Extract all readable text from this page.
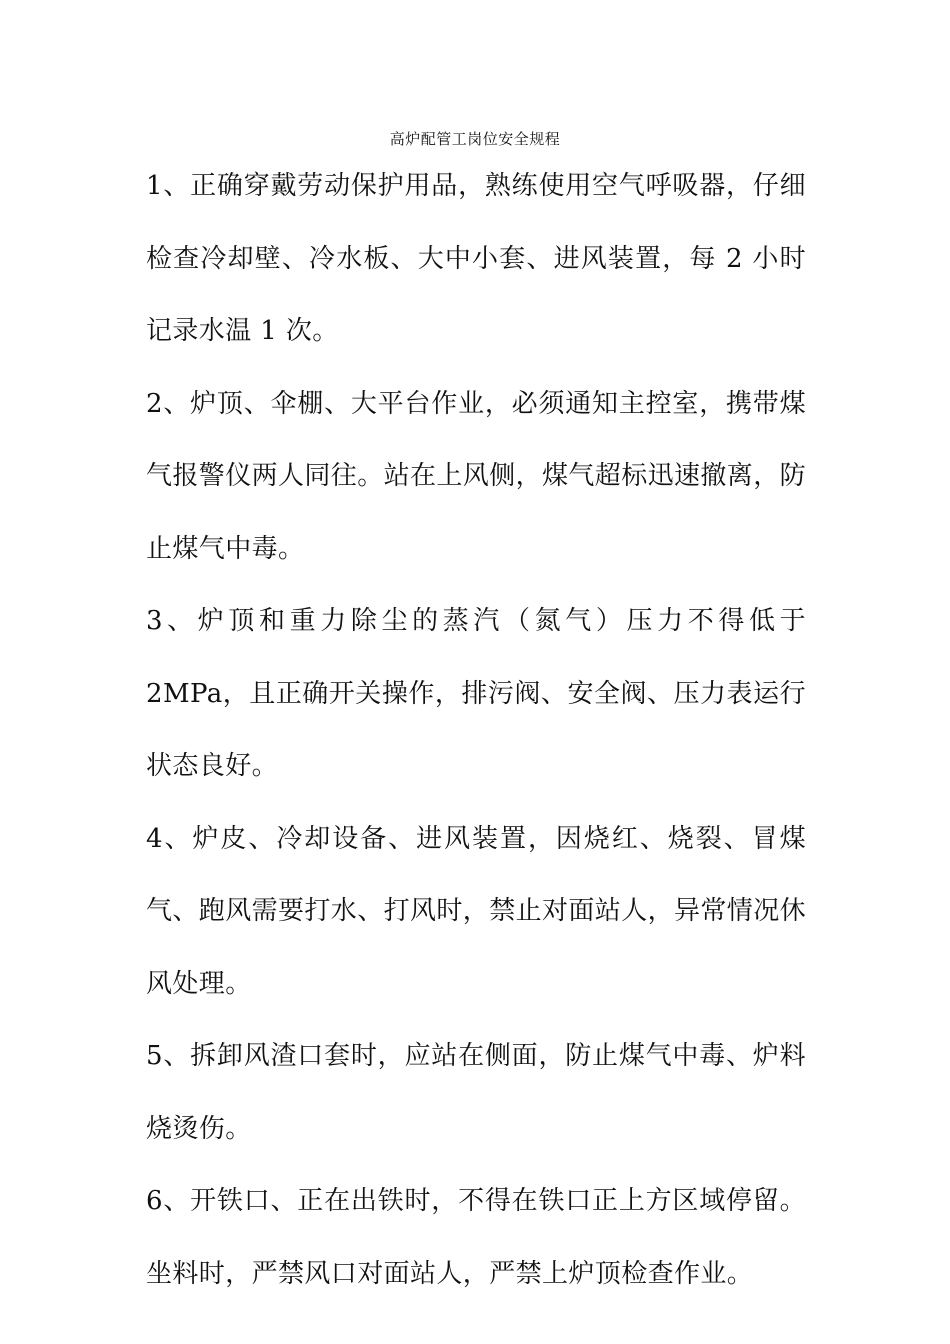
高炉配管工岗位安全规程

1、正确穿戴劳动保护用品，熟练使用空气呼吸器，仔细检查冷却壁、冷水板、大中小套、进风装置，每 2 小时记录水温 1 次。

2、炉顶、伞棚、大平台作业，必须通知主控室，携带煤气报警仪两人同往。站在上风侧，煤气超标迅速撤离，防止煤气中毒。

3、炉顶和重力除尘的蒸汽（氮气）压力不得低于 2MPa，且正确开关操作，排污阀、安全阀、压力表运行状态良好。

4、炉皮、冷却设备、进风装置，因烧红、烧裂、冒煤气、跑风需要打水、打风时，禁止对面站人，异常情况休风处理。

5、拆卸风渣口套时，应站在侧面，防止煤气中毒、炉料烧烫伤。

6、开铁口、正在出铁时，不得在铁口正上方区域停留。坐料时，严禁风口对面站人，严禁上炉顶检查作业。
